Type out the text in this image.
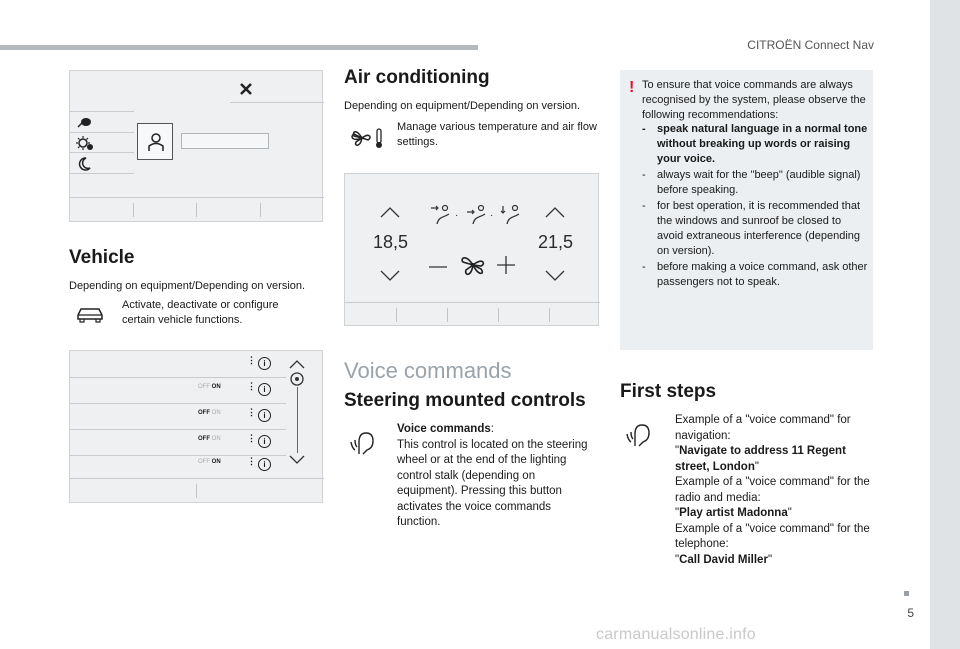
CITROËN Connect Nav
5
carmanualsonline.info
Vehicle
Depending on equipment/Depending on version.
Activate, deactivate or configure certain vehicle functions.
⋮ i
OFF ON	⋮ i
OFF ON	⋮ i
OFF ON	⋮ i
OFF ON	⋮ i
Air conditioning
Depending on equipment/Depending on version.
Manage various temperature and air flow settings.
18,5
·	·
21,5
Voice commands
Steering mounted controls
Voice commands:
This control is located on the steering wheel or at the end of the lighting control stalk (depending on equipment). Pressing this button activates the voice commands function.
! To ensure that voice commands are always recognised by the system, please observe the following recommendations:
- speak natural language in a normal tone without breaking up words or raising your voice.
- always wait for the "beep" (audible signal) before speaking.
- for best operation, it is recommended that the windows and sunroof be closed to avoid extraneous interference (depending on version).
- before making a voice command, ask other passengers not to speak.
First steps
Example of a "voice command" for navigation:
"Navigate to address 11 Regent street, London"
Example of a "voice command" for the radio and media:
"Play artist Madonna"
Example of a "voice command" for the telephone:
"Call David Miller"
